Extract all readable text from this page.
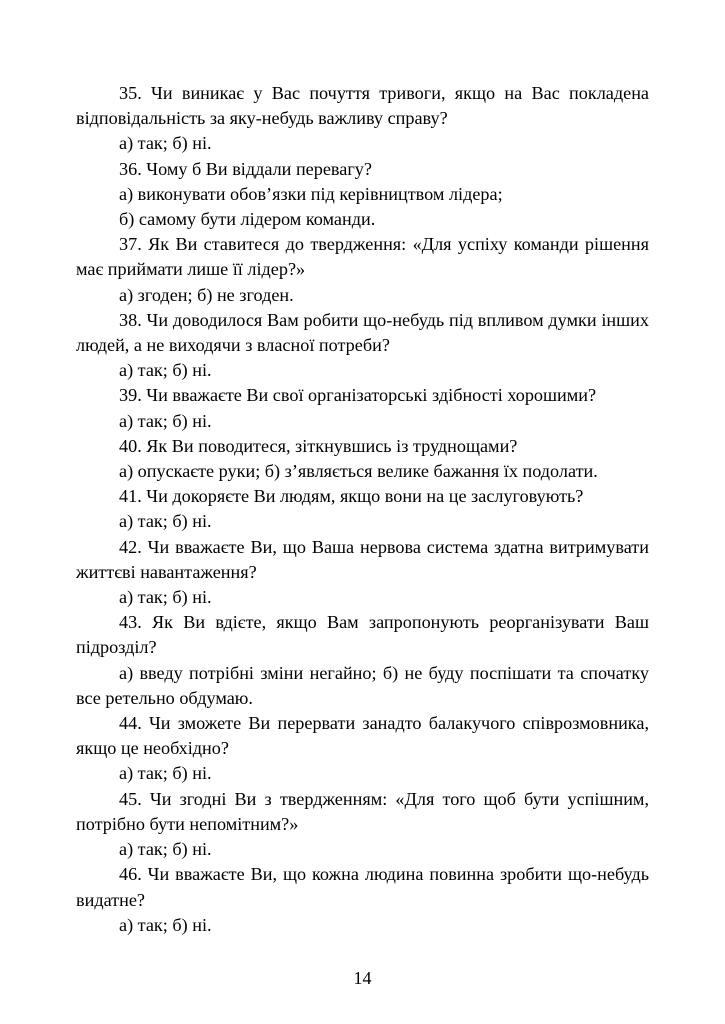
35. Чи виникає у Вас почуття тривоги, якщо на Вас покладена відповідальність за яку-небудь важливу справу?

а) так; б) ні.

36. Чому б Ви віддали перевагу?

а) виконувати обов’язки під керівництвом лідера;

б) самому бути лідером команди.

37. Як Ви ставитеся до твердження: «Для успіху команди рішення має приймати лише її лідер?»

а) згоден; б) не згоден.

38. Чи доводилося Вам робити що-небудь під впливом думки інших людей, а не виходячи з власної потреби?

а) так; б) ні.

39. Чи вважаєте Ви свої організаторські здібності хорошими?

а) так; б) ні.

40. Як Ви поводитеся, зіткнувшись із труднощами?

а) опускаєте руки; б) з’являється велике бажання їх подолати.

41. Чи докоряєте Ви людям, якщо вони на це заслуговують?

а) так; б) ні.

42. Чи вважаєте Ви, що Ваша нервова система здатна витримувати життєві навантаження?

а) так; б) ні.

43. Як Ви вдієте, якщо Вам запропонують реорганізувати Ваш підрозділ?

а) введу потрібні зміни негайно; б) не буду поспішати та спочатку все ретельно обдумаю.

44. Чи зможете Ви перервати занадто балакучого співрозмовника, якщо це необхідно?

а) так; б) ні.

45. Чи згодні Ви з твердженням: «Для того щоб бути успішним, потрібно бути непомітним?»

а) так; б) ні.

46. Чи вважаєте Ви, що кожна людина повинна зробити що-небудь видатне?

а) так; б) ні.

14
